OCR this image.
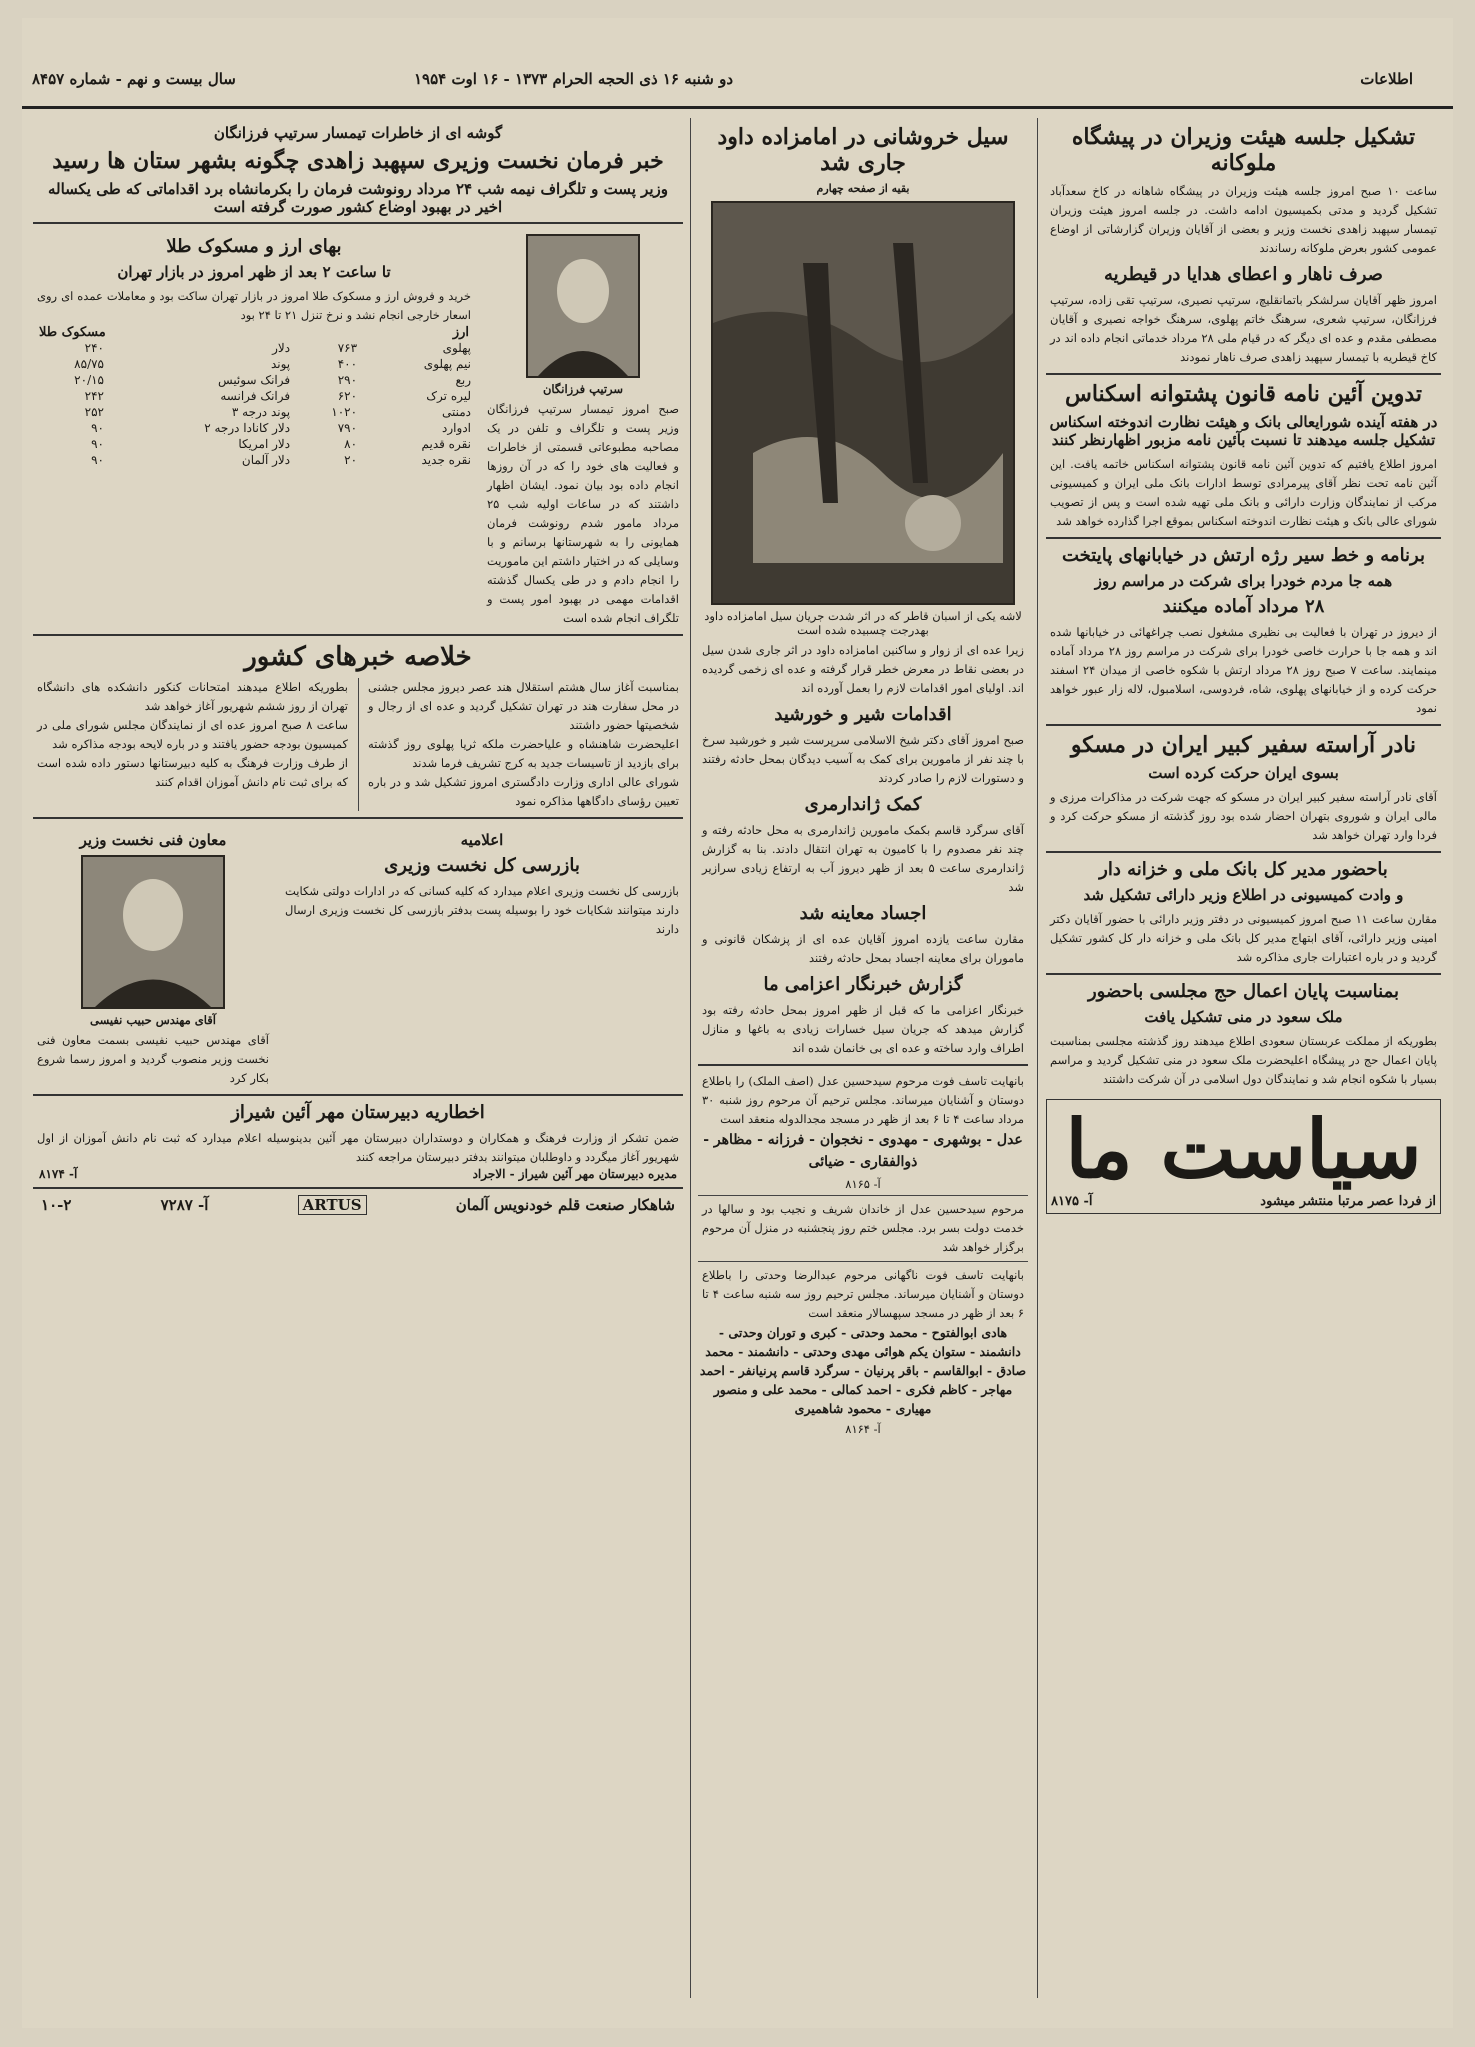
اطلاعات
دو شنبه ۱۶ ذی الحجه الحرام ۱۳۷۳ - ۱۶ اوت ۱۹۵۴
سال بیست و نهم - شماره ۸۴۵۷
تشکیل جلسه هیئت وزیران در پیشگاه ملوکانه

ساعت ۱۰ صبح امروز جلسه هیئت وزیران در پیشگاه شاهانه در کاخ سعدآباد تشکیل گردید و مدتی بکمیسیون ادامه داشت. در جلسه امروز هیئت وزیران تیمسار سپهبد زاهدی نخست وزیر و بعضی از آقایان وزیران گزارشاتی از اوضاع عمومی کشور بعرض ملوکانه رساندند

صرف ناهار و اعطای هدایا در قیطریه

امروز ظهر آقایان سرلشکر باتمانقلیچ، سرتیپ نصیری، سرتیپ تقی زاده، سرتیپ فرزانگان، سرتیپ شعری، سرهنگ خاتم پهلوی، سرهنگ خواجه نصیری و آقایان مصطفی مقدم و عده ای دیگر که در قیام ملی ۲۸ مرداد خدماتی انجام داده اند در کاخ قیطریه با تیمسار سپهبد زاهدی صرف ناهار نمودند

تدوین آئین نامه قانون پشتوانه اسکناس
در هفته آینده شورایعالی بانک و هیئت نظارت اندوخته اسکناس تشکیل جلسه میدهند تا نسبت بآئین نامه مزبور اظهارنظر کنند

امروز اطلاع یافتیم که تدوین آئین نامه قانون پشتوانه اسکناس خاتمه یافت. این آئین نامه تحت نظر آقای پیرمرادی توسط ادارات بانک ملی ایران و کمیسیونی مرکب از نمایندگان وزارت دارائی و بانک ملی تهیه شده است و پس از تصویب شورای عالی بانک و هیئت نظارت اندوخته اسکناس بموقع اجرا گذارده خواهد شد

برنامه و خط سیر رژه ارتش در خیابانهای پایتخت
همه جا مردم خودرا برای شرکت در مراسم روز
۲۸ مرداد آماده میکنند

از دیروز در تهران با فعالیت بی نظیری مشغول نصب چراغهائی در خیابانها شده اند و همه جا با حرارت خاصی خودرا برای شرکت در مراسم روز ۲۸ مرداد آماده مینمایند. ساعت ۷ صبح روز ۲۸ مرداد ارتش با شکوه خاصی از میدان ۲۴ اسفند حرکت کرده و از خیابانهای پهلوی، شاه، فردوسی، اسلامبول، لاله زار عبور خواهد نمود

نادر آراسته سفیر کبیر ایران در مسکو
بسوی ایران حرکت کرده است

آقای نادر آراسته سفیر کبیر ایران در مسکو که جهت شرکت در مذاکرات مرزی و مالی ایران و شوروی بتهران احضار شده بود روز گذشته از مسکو حرکت کرد و فردا وارد تهران خواهد شد

باحضور مدیر کل بانک ملی و خزانه دار
و وادت کمیسیونی در اطلاع وزیر دارائی تشکیل شد

مقارن ساعت ۱۱ صبح امروز کمیسیونی در دفتر وزیر دارائی با حضور آقایان دکتر امینی وزیر دارائی، آقای ابتهاج مدیر کل بانک ملی و خزانه دار کل کشور تشکیل گردید و در باره اعتبارات جاری مذاکره شد

بمناسبت پایان اعمال حج مجلسی باحضور
ملک سعود در منی تشکیل یافت

بطوریکه از مملکت عربستان سعودی اطلاع میدهند روز گذشته مجلسی بمناسبت پایان اعمال حج در پیشگاه اعلیحضرت ملک سعود در منی تشکیل گردید و مراسم بسیار با شکوه انجام شد و نمایندگان دول اسلامی در آن شرکت داشتند

سیاست ما
از فردا عصر مرتبا منتشر میشود
آ- ۸۱۷۵
سیل خروشانی در امامزاده داود جاری شد
بقیه از صفحه چهارم
لاشه یکی از اسبان قاطر که در اثر شدت جریان سیل امامزاده داود بهدرجت چسبیده شده است

زیرا عده ای از زوار و ساکنین امامزاده داود در اثر جاری شدن سیل در بعضی نقاط در معرض خطر قرار گرفته و عده ای زخمی گردیده اند. اولیای امور اقدامات لازم را بعمل آورده اند

اقدامات شیر و خورشید

صبح امروز آقای دکتر شیخ الاسلامی سرپرست شیر و خورشید سرخ با چند نفر از مامورین برای کمک به آسیب دیدگان بمحل حادثه رفتند و دستورات لازم را صادر کردند

کمک ژاندارمری

آقای سرگرد قاسم بکمک مامورین ژاندارمری به محل حادثه رفته و چند نفر مصدوم را با کامیون به تهران انتقال دادند. بنا به گزارش ژاندارمری ساعت ۵ بعد از ظهر دیروز آب به ارتفاع زیادی سرازیر شد

اجساد معاینه شد

مقارن ساعت یازده امروز آقایان عده ای از پزشکان قانونی و ماموران برای معاینه اجساد بمحل حادثه رفتند

گزارش خبرنگار اعزامی ما

خبرنگار اعزامی ما که قبل از ظهر امروز بمحل حادثه رفته بود گزارش میدهد که جریان سیل خسارات زیادی به باغها و منازل اطراف وارد ساخته و عده ای بی خانمان شده اند

بانهایت تاسف فوت مرحوم سیدحسین عدل (اصف الملک) را باطلاع دوستان و آشنایان میرساند. مجلس ترحیم آن مرحوم روز شنبه ۳۰ مرداد ساعت ۴ تا ۶ بعد از ظهر در مسجد مجدالدوله منعقد است

عدل - بوشهری - مهدوی - نخجوان - فرزانه - مظاهر - ذوالفقاری - ضیائی
آ- ۸۱۶۵

مرحوم سیدحسین عدل از خاندان شریف و نجیب بود و سالها در خدمت دولت بسر برد. مجلس ختم روز پنجشنبه در منزل آن مرحوم برگزار خواهد شد

بانهایت تاسف فوت ناگهانی مرحوم عبدالرضا وحدتی را باطلاع دوستان و آشنایان میرساند. مجلس ترحیم روز سه شنبه ساعت ۴ تا ۶ بعد از ظهر در مسجد سپهسالار منعقد است

هادی ابوالفتوح - محمد وحدتی - کبری و توران وحدتی - دانشمند - ستوان یکم هوائی مهدی وحدتی - دانشمند - محمد صادق - ابوالقاسم - باقر پرنیان - سرگرد قاسم پرنیانفر - احمد مهاجر - کاظم فکری - احمد کمالی - محمد علی و منصور مهیاری - محمود شاهمیری
آ- ۸۱۶۴
گوشه ای از خاطرات تیمسار سرتیپ فرزانگان
خبر فرمان نخست وزیری سپهبد زاهدی چگونه بشهر ستان ها رسید
وزیر پست و تلگراف نیمه شب ۲۴ مرداد رونوشت فرمان را بکرمانشاه برد اقداماتی که طی یکساله اخیر در بهبود اوضاع کشور صورت گرفته است
سرتیپ فرزانگان

صبح امروز تیمسار سرتیپ فرزانگان وزیر پست و تلگراف و تلفن در یک مصاحبه مطبوعاتی قسمتی از خاطرات و فعالیت های خود را که در آن روزها انجام داده بود بیان نمود. ایشان اظهار داشتند که در ساعات اولیه شب ۲۵ مرداد مامور شدم رونوشت فرمان همایونی را به شهرستانها برسانم و با وسایلی که در اختیار داشتم این ماموریت را انجام دادم و در طی یکسال گذشته اقدامات مهمی در بهبود امور پست و تلگراف انجام شده است

بهای ارز و مسکوک طلا
تا ساعت ۲ بعد از ظهر امروز در بازار تهران

خرید و فروش ارز و مسکوک طلا امروز در بازار تهران ساکت بود و معاملات عمده ای روی اسعار خارجی انجام نشد و نرخ تنزل ۲۱ تا ۲۴ بود

ارز
مسکوک طلا
پهلوی	۷۶۳	دلار	۲۴۰
نیم پهلوی	۴۰۰	پوند	۸۵/۷۵
ربع	۲۹۰	فرانک سوئیس	۲۰/۱۵
لیره ترک	۶۲۰	فرانک فرانسه	۲۴۲
دمنتی	۱۰۲۰	پوند درجه ۳	۲۵۲
ادوارد	۷۹۰	دلار کانادا درجه ۲	۹۰
نقره قدیم	۸۰	دلار امریکا	۹۰
نقره جدید	۲۰	دلار آلمان	۹۰
خلاصه خبرهای کشور

بمناسبت آغاز سال هشتم استقلال هند عصر دیروز مجلس جشنی در محل سفارت هند در تهران تشکیل گردید و عده ای از رجال و شخصیتها حضور داشتند

اعلیحضرت شاهنشاه و علیاحضرت ملکه ثریا پهلوی روز گذشته برای بازدید از تاسیسات جدید به کرج تشریف فرما شدند

شورای عالی اداری وزارت دادگستری امروز تشکیل شد و در باره تعیین رؤسای دادگاهها مذاکره نمود

بطوریکه اطلاع میدهند امتحانات کنکور دانشکده های دانشگاه تهران از روز ششم شهریور آغاز خواهد شد

ساعت ۸ صبح امروز عده ای از نمایندگان مجلس شورای ملی در کمیسیون بودجه حضور یافتند و در باره لایحه بودجه مذاکره شد

از طرف وزارت فرهنگ به کلیه دبیرستانها دستور داده شده است که برای ثبت نام دانش آموزان اقدام کنند

اعلامیه
بازرسی کل نخست وزیری

بازرسی کل نخست وزیری اعلام میدارد که کلیه کسانی که در ادارات دولتی شکایت دارند میتوانند شکایات خود را بوسیله پست بدفتر بازرسی کل نخست وزیری ارسال دارند

معاون فنی نخست وزیر
آقای مهندس حبیب نفیسی

آقای مهندس حبیب نفیسی بسمت معاون فنی نخست وزیر منصوب گردید و امروز رسما شروع بکار کرد

اخطاریه دبیرستان مهر آئین شیراز

ضمن تشکر از وزارت فرهنگ و همکاران و دوستداران دبیرستان مهر آئین بدینوسیله اعلام میدارد که ثبت نام دانش آموزان از اول شهریور آغاز میگردد و داوطلبان میتوانند بدفتر دبیرستان مراجعه کنند

مدیره دبیرستان مهر آئین شیراز - الاجراد
آ- ۸۱۷۴
شاهکار صنعت قلم خودنویس آلمان
ARTUS
آ- ۷۲۸۷
۱۰-۲
